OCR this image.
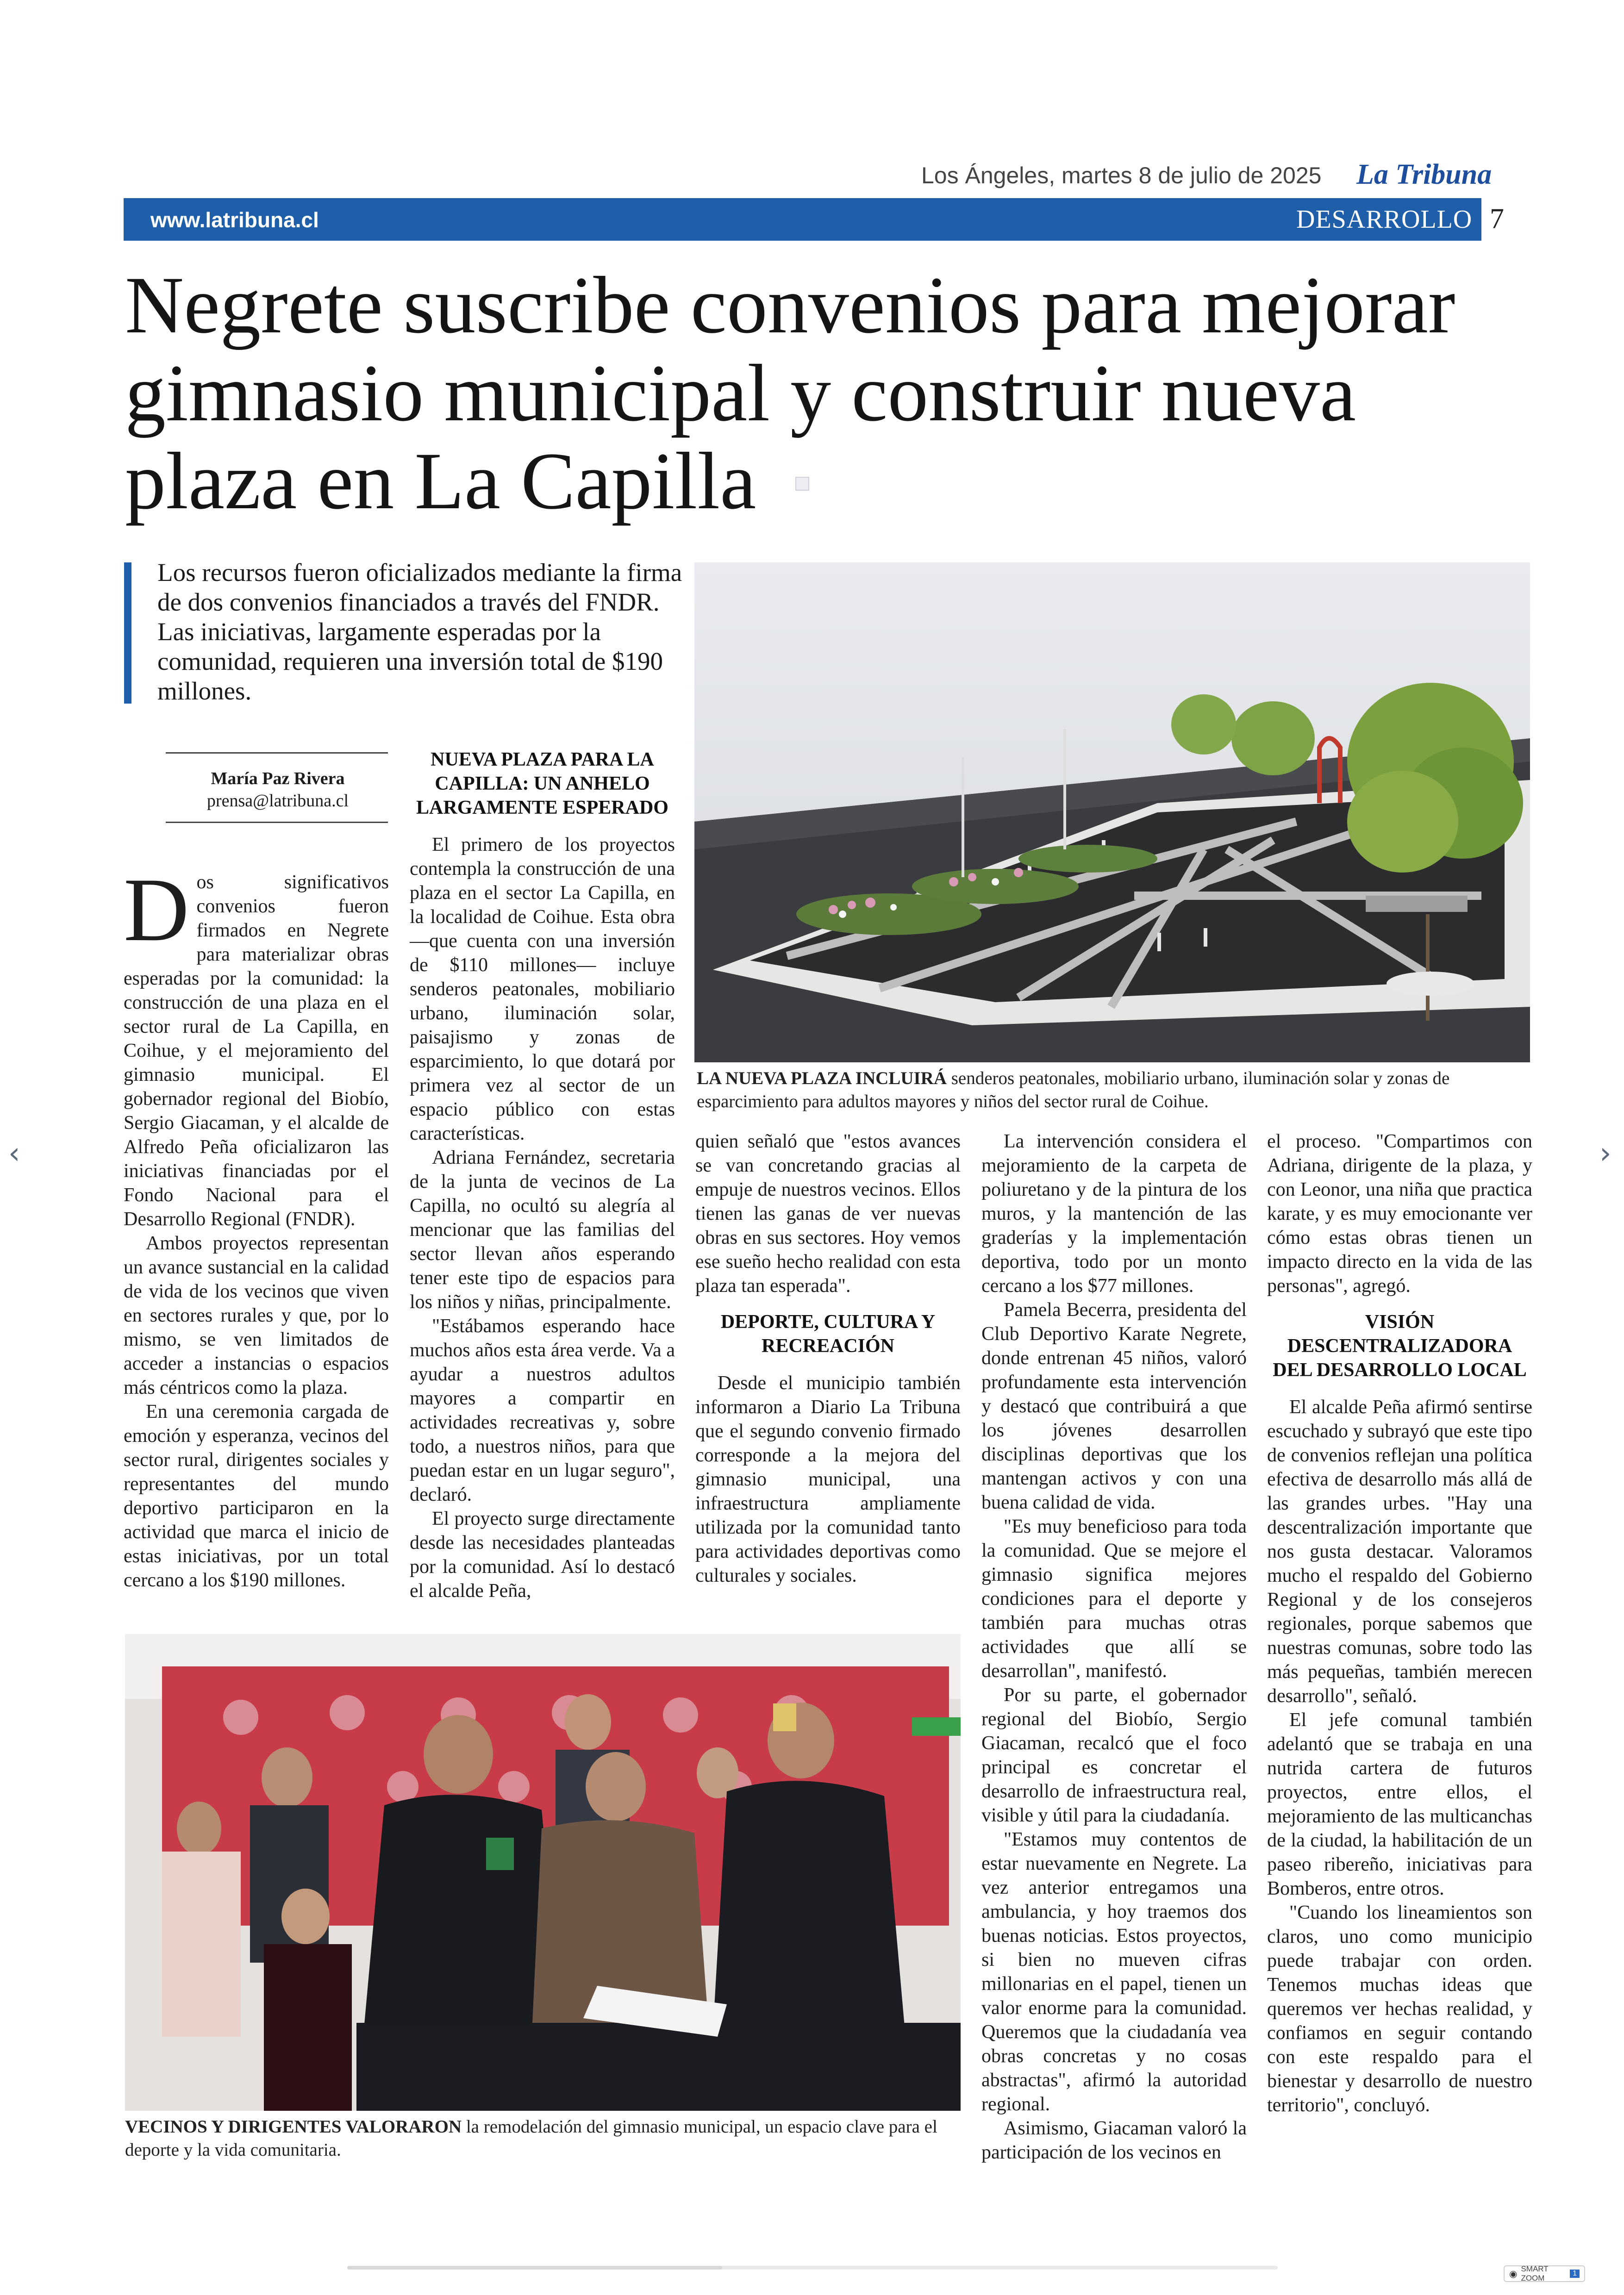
Los Ángeles, martes 8 de julio de 2025 La Tribuna
www.latribuna.cl	DESARROLLO 7
Negrete suscribe convenios para mejorar gimnasio municipal y construir nueva plaza en La Capilla
Los recursos fueron oficializados mediante la firma de dos convenios financiados a través del FNDR. Las iniciativas, largamente esperadas por la comunidad, requieren una inversión total de $190 millones.
LA NUEVA PLAZA INCLUIRÁ senderos peatonales, mobiliario urbano, iluminación solar y zonas de esparcimiento para adultos mayores y niños del sector rural de Coihue.
María Paz Rivera
prensa@latribuna.cl

Dos significativos convenios fueron firmados en Negrete para materializar obras esperadas por la comunidad: la construcción de una plaza en el sector rural de La Capilla, en Coihue, y el mejoramiento del gimnasio municipal. El gobernador regional del Biobío, Sergio Giacaman, y el alcalde de Alfredo Peña oficializaron las iniciativas financiadas por el Fondo Nacional para el Desarrollo Regional (FNDR).

Ambos proyectos representan un avance sustancial en la calidad de vida de los vecinos que viven en sectores rurales y que, por lo mismo, se ven limitados de acceder a instancias o espacios más céntricos como la plaza.

En una ceremonia cargada de emoción y esperanza, vecinos del sector rural, dirigentes sociales y representantes del mundo deportivo participaron en la actividad que marca el inicio de estas iniciativas, por un total cercano a los $190 millones.

NUEVA PLAZA PARA LA CAPILLA: UN ANHELO LARGAMENTE ESPERADO

El primero de los proyectos contempla la construcción de una plaza en el sector La Capilla, en la localidad de Coihue. Esta obra —que cuenta con una inversión de $110 millones— incluye senderos peatonales, mobiliario urbano, iluminación solar, paisajismo y zonas de esparcimiento, lo que dotará por primera vez al sector de un espacio público con estas características.

Adriana Fernández, secretaria de la junta de vecinos de La Capilla, no ocultó su alegría al mencionar que las familias del sector llevan años esperando tener este tipo de espacios para los niños y niñas, principalmente.

"Estábamos esperando hace muchos años esta área verde. Va a ayudar a nuestros adultos mayores a compartir en actividades recreativas y, sobre todo, a nuestros niños, para que puedan estar en un lugar seguro", declaró.

El proyecto surge directamente desde las necesidades planteadas por la comunidad. Así lo destacó el alcalde Peña,

quien señaló que "estos avances se van concretando gracias al empuje de nuestros vecinos. Ellos tienen las ganas de ver nuevas obras en sus sectores. Hoy vemos ese sueño hecho realidad con esta plaza tan esperada".

DEPORTE, CULTURA Y RECREACIÓN

Desde el municipio también informaron a Diario La Tribuna que el segundo convenio firmado corresponde a la mejora del gimnasio municipal, una infraestructura ampliamente utilizada por la comunidad tanto para actividades deportivas como culturales y sociales.

La intervención considera el mejoramiento de la carpeta de poliuretano y de la pintura de los muros, y la mantención de las graderías y la implementación deportiva, todo por un monto cercano a los $77 millones.

Pamela Becerra, presidenta del Club Deportivo Karate Negrete, donde entrenan 45 niños, valoró profundamente esta intervención y destacó que contribuirá a que los jóvenes desarrollen disciplinas deportivas que los mantengan activos y con una buena calidad de vida.

"Es muy beneficioso para toda la comunidad. Que se mejore el gimnasio significa mejores condiciones para el deporte y también para muchas otras actividades que allí se desarrollan", manifestó.

Por su parte, el gobernador regional del Biobío, Sergio Giacaman, recalcó que el foco principal es concretar el desarrollo de infraestructura real, visible y útil para la ciudadanía.

"Estamos muy contentos de estar nuevamente en Negrete. La vez anterior entregamos una ambulancia, y hoy traemos dos buenas noticias. Estos proyectos, si bien no mueven cifras millonarias en el papel, tienen un valor enorme para la comunidad. Queremos que la ciudadanía vea obras concretas y no cosas abstractas", afirmó la autoridad regional.

Asimismo, Giacaman valoró la participación de los vecinos en

el proceso. "Compartimos con Adriana, dirigente de la plaza, y con Leonor, una niña que practica karate, y es muy emocionante ver cómo estas obras tienen un impacto directo en la vida de las personas", agregó.

VISIÓN DESCENTRALIZADORA DEL DESARROLLO LOCAL

El alcalde Peña afirmó sentirse escuchado y subrayó que este tipo de convenios reflejan una política efectiva de desarrollo más allá de las grandes urbes. "Hay una descentralización importante que nos gusta destacar. Valoramos mucho el respaldo del Gobierno Regional y de los consejeros regionales, porque sabemos que nuestras comunas, sobre todo las más pequeñas, también merecen desarrollo", señaló.

El jefe comunal también adelantó que se trabaja en una nutrida cartera de futuros proyectos, entre ellos, el mejoramiento de las multicanchas de la ciudad, la habilitación de un paseo ribereño, iniciativas para Bomberos, entre otros.

"Cuando los lineamientos son claros, uno como municipio puede trabajar con orden. Tenemos muchas ideas que queremos ver hechas realidad, y confiamos en seguir contando con este respaldo para el bienestar y desarrollo de nuestro territorio", concluyó.

VECINOS Y DIRIGENTES VALORARON la remodelación del gimnasio municipal, un espacio clave para el deporte y la vida comunitaria.
‹	›
◉ SMART ZOOM
1
